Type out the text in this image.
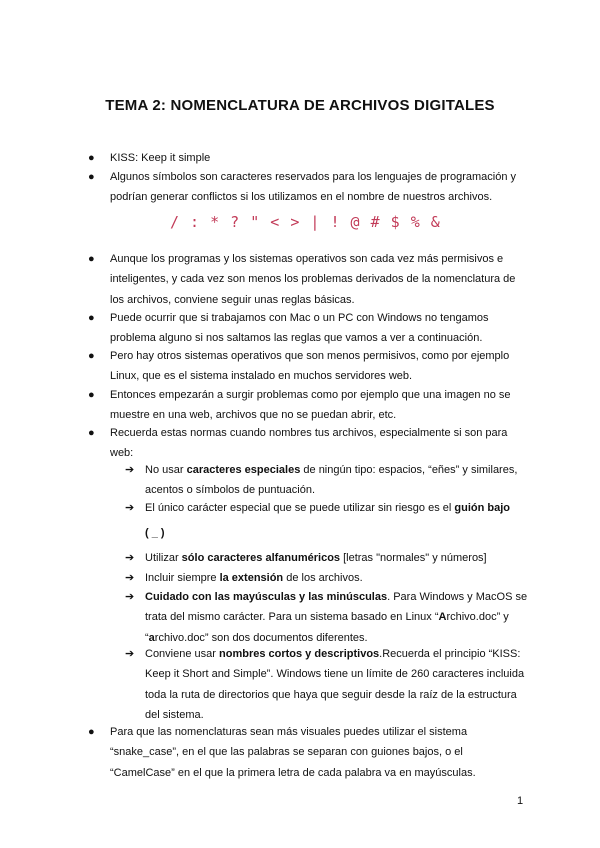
TEMA 2: NOMENCLATURA DE ARCHIVOS DIGITALES
● KISS: Keep it simple
● Algunos símbolos son caracteres reservados para los lenguajes de programación y podrían generar conflictos si los utilizamos en el nombre de nuestros archivos.
/ : * ? " < > | ! @ # $ % &
● Aunque los programas y los sistemas operativos son cada vez más permisivos e inteligentes, y cada vez son menos los problemas derivados de la nomenclatura de los archivos, conviene seguir unas reglas básicas.
● Puede ocurrir que si trabajamos con Mac o un PC con Windows no tengamos problema alguno si nos saltamos las reglas que vamos a ver a continuación.
● Pero hay otros sistemas operativos que son menos permisivos, como por ejemplo Linux, que es el sistema instalado en muchos servidores web.
● Entonces empezarán a surgir problemas como por ejemplo que una imagen no se muestre en una web, archivos que no se puedan abrir, etc.
● Recuerda estas normas cuando nombres tus archivos, especialmente si son para web:
➔ No usar caracteres especiales de ningún tipo: espacios, “eñes” y similares, acentos o símbolos de puntuación.
➔ El único carácter especial que se puede utilizar sin riesgo es el guión bajo
( _ )
➔ Utilizar sólo caracteres alfanuméricos [letras "normales" y números]
➔ Incluir siempre la extensión de los archivos.
➔ Cuidado con las mayúsculas y las minúsculas. Para Windows y MacOS se trata del mismo carácter. Para un sistema basado en Linux “Archivo.doc” y “archivo.doc” son dos documentos diferentes.
➔ Conviene usar nombres cortos y descriptivos.Recuerda el principio “KISS: Keep it Short and Simple”. Windows tiene un límite de 260 caracteres incluida toda la ruta de directorios que haya que seguir desde la raíz de la estructura del sistema.
● Para que las nomenclaturas sean más visuales puedes utilizar el sistema “snake_case”, en el que las palabras se separan con guiones bajos, o el “CamelCase” en el que la primera letra de cada palabra va en mayúsculas.
1
